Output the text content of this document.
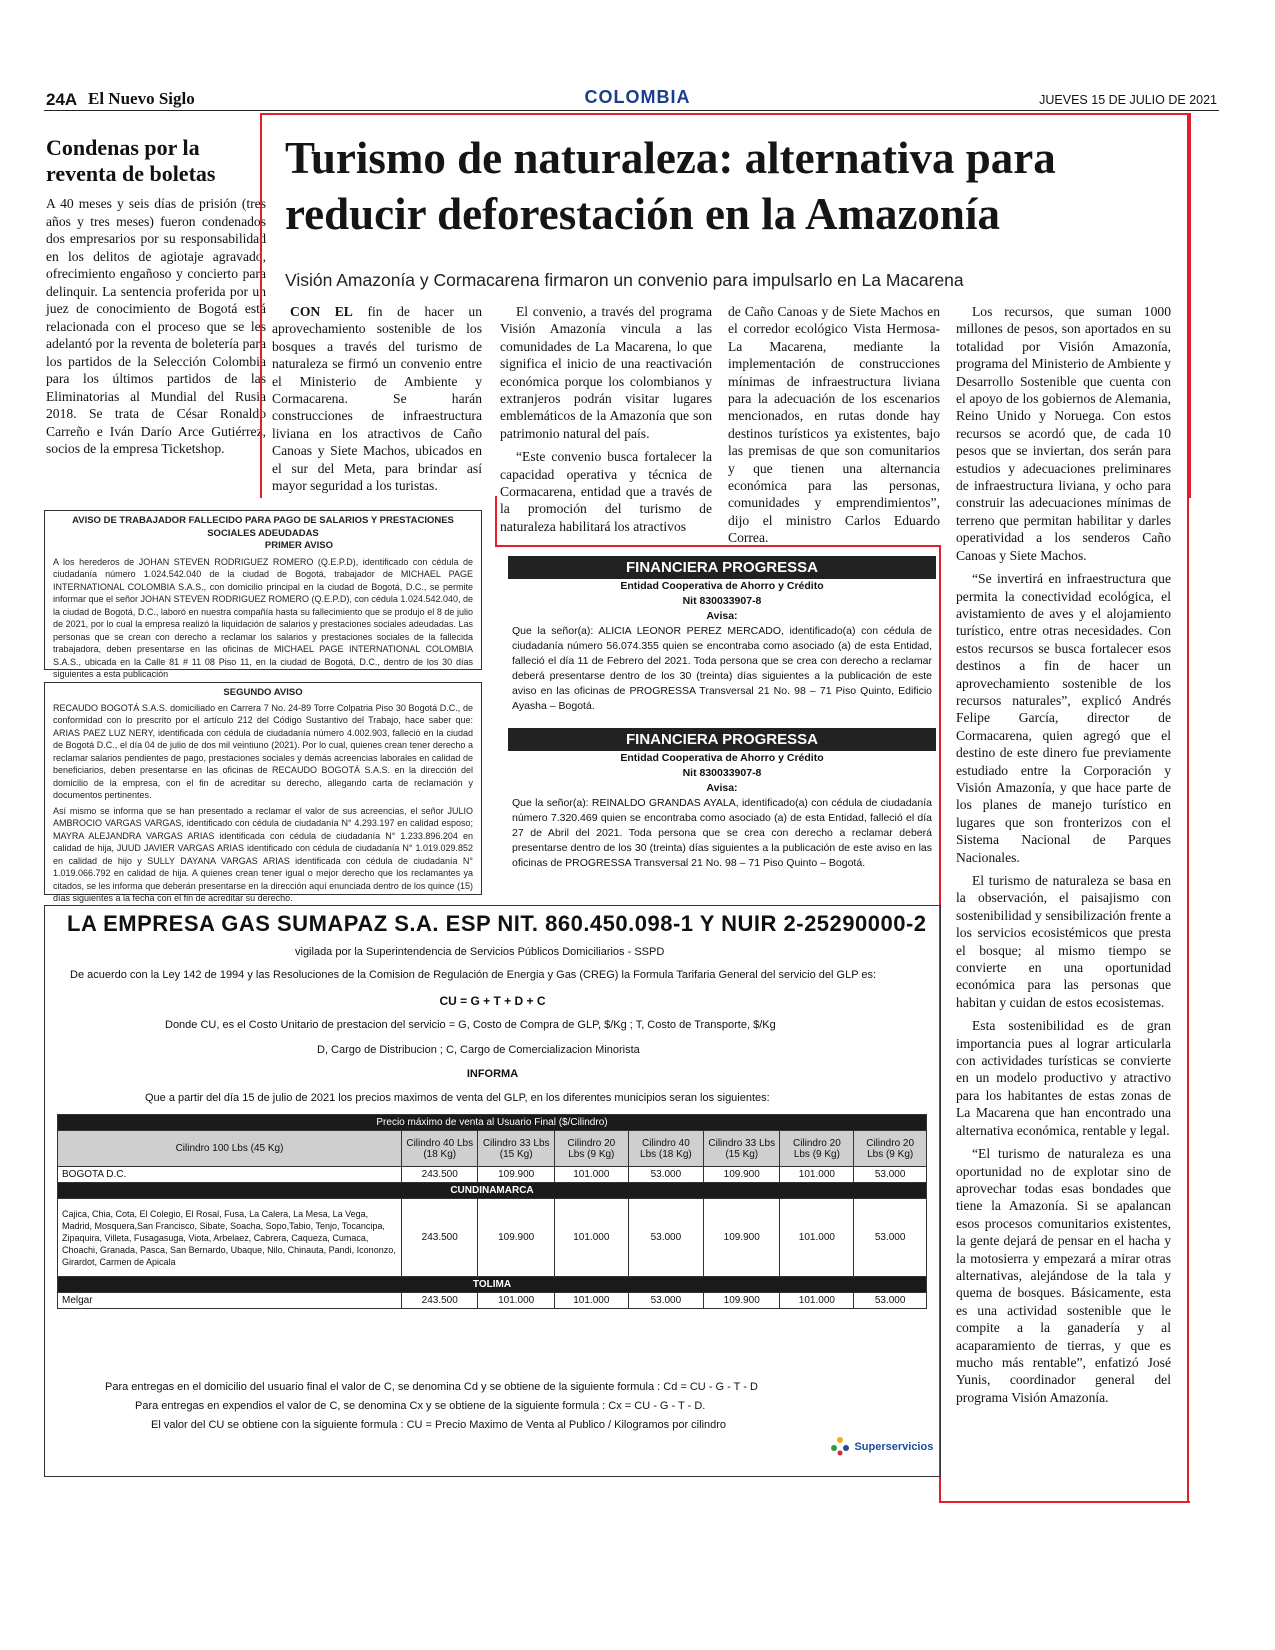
24A El Nuevo Siglo	COLOMBIA	JUEVES 15 DE JULIO DE 2021
Condenas por la reventa de boletas
A 40 meses y seis días de prisión (tres años y tres meses) fueron condenados dos empresarios por su responsabilidad en los delitos de agiotaje agravado, ofrecimiento engañoso y concierto para delinquir. La sentencia proferida por un juez de conocimiento de Bogotá está relacionada con el proceso que se les adelantó por la reventa de boletería para los partidos de la Selección Colombia para los últimos partidos de las Eliminatorias al Mundial del Rusia 2018. Se trata de César Ronaldo Carreño e Iván Darío Arce Gutiérrez, socios de la empresa Ticketshop.
Turismo de naturaleza: alternativa para reducir deforestación en la Amazonía
Visión Amazonía y Cormacarena firmaron un convenio para impulsarlo en La Macarena

CON EL fin de hacer un aprovechamiento sostenible de los bosques a través del turismo de naturaleza se firmó un convenio entre el Ministerio de Ambiente y Cormacarena. Se harán construcciones de infraestructura liviana en los atractivos de Caño Canoas y Siete Machos, ubicados en el sur del Meta, para brindar así mayor seguridad a los turistas.

El convenio, a través del programa Visión Amazonía vincula a las comunidades de La Macarena, lo que significa el inicio de una reactivación económica porque los colombianos y extranjeros podrán visitar lugares emblemáticos de la Amazonía que son patrimonio natural del país.

“Este convenio busca fortalecer la capacidad operativa y técnica de Cormacarena, entidad que a través de la promoción del turismo de naturaleza habilitará los atractivos

de Caño Canoas y de Siete Machos en el corredor ecológico Vista Hermosa-La Macarena, mediante la implementación de construcciones mínimas de infraestructura liviana para la adecuación de los escenarios mencionados, en rutas donde hay destinos turísticos ya existentes, bajo las premisas de que son comunitarios y que tienen una alternancia económica para las personas, comunidades y emprendimientos”, dijo el ministro Carlos Eduardo Correa.

Los recursos, que suman 1000 millones de pesos, son aportados en su totalidad por Visión Amazonía, programa del Ministerio de Ambiente y Desarrollo Sostenible que cuenta con el apoyo de los gobiernos de Alemania, Reino Unido y Noruega. Con estos recursos se acordó que, de cada 10 pesos que se inviertan, dos serán para estudios y adecuaciones preliminares de infraestructura liviana, y ocho para construir las adecuaciones mínimas de terreno que permitan habilitar y darles operatividad a los senderos Caño Canoas y Siete Machos.

“Se invertirá en infraestructura que permita la conectividad ecológica, el avistamiento de aves y el alojamiento turístico, entre otras necesidades. Con estos recursos se busca fortalecer esos destinos a fin de hacer un aprovechamiento sostenible de los recursos naturales”, explicó Andrés Felipe García, director de Cormacarena, quien agregó que el destino de este dinero fue previamente estudiado entre la Corporación y Visión Amazonía, y que hace parte de los planes de manejo turístico en lugares que son fronterizos con el Sistema Nacional de Parques Nacionales.

El turismo de naturaleza se basa en la observación, el paisajismo con sostenibilidad y sensibilización frente a los servicios ecosistémicos que presta el bosque; al mismo tiempo se convierte en una oportunidad económica para las personas que habitan y cuidan de estos ecosistemas.

Esta sostenibilidad es de gran importancia pues al lograr articularla con actividades turísticas se convierte en un modelo productivo y atractivo para los habitantes de estas zonas de La Macarena que han encontrado una alternativa económica, rentable y legal.

“El turismo de naturaleza es una oportunidad no de explotar sino de aprovechar todas esas bondades que tiene la Amazonía. Si se apalancan esos procesos comunitarios existentes, la gente dejará de pensar en el hacha y la motosierra y empezará a mirar otras alternativas, alejándose de la tala y quema de bosques. Básicamente, esta es una actividad sostenible que le compite a la ganadería y al acaparamiento de tierras, y que es mucho más rentable”, enfatizó José Yunis, coordinador general del programa Visión Amazonía.

AVISO DE TRABAJADOR FALLECIDO PARA PAGO DE SALARIOS Y PRESTACIONES SOCIALES ADEUDADAS
PRIMER AVISO
A los herederos de JOHAN STEVEN RODRIGUEZ ROMERO (Q.E.P.D), identificado con cédula de ciudadanía número 1.024.542.040 de la ciudad de Bogotá, trabajador de MICHAEL PAGE INTERNATIONAL COLOMBIA S.A.S., con domicilio principal en la ciudad de Bogotá, D.C., se permite informar que el señor JOHAN STEVEN RODRIGUEZ ROMERO (Q.E.P.D), con cédula 1.024.542.040, de la ciudad de Bogotá, D.C., laboró en nuestra compañía hasta su fallecimiento que se produjo el 8 de julio de 2021, por lo cual la empresa realizó la liquidación de salarios y prestaciones sociales adeudadas. Las personas que se crean con derecho a reclamar los salarios y prestaciones sociales de la fallecida trabajadora, deben presentarse en las oficinas de MICHAEL PAGE INTERNATIONAL COLOMBIA S.A.S., ubicada en la Calle 81 # 11 08 Piso 11, en la ciudad de Bogotá, D.C., dentro de los 30 días siguientes a esta publicación
SEGUNDO AVISO
RECAUDO BOGOTÁ S.A.S. domiciliado en Carrera 7 No. 24-89 Torre Colpatria Piso 30 Bogotá D.C., de conformidad con lo prescrito por el artículo 212 del Código Sustantivo del Trabajo, hace saber que: ARIAS PAEZ LUZ NERY, identificada con cédula de ciudadanía número 4.002.903, falleció en la ciudad de Bogotá D.C., el día 04 de julio de dos mil veintiuno (2021). Por lo cual, quienes crean tener derecho a reclamar salarios pendientes de pago, prestaciones sociales y demás acreencias laborales en calidad de beneficiarios, deben presentarse en las oficinas de RECAUDO BOGOTÁ S.A.S. en la dirección del domicilio de la empresa, con el fin de acreditar su derecho, allegando carta de reclamación y documentos pertinentes.
Así mismo se informa que se han presentado a reclamar el valor de sus acreencias, el señor JULIO AMBROCIO VARGAS VARGAS, identificado con cédula de ciudadanía N° 4.293.197 en calidad esposo; MAYRA ALEJANDRA VARGAS ARIAS identificada con cédula de ciudadanía N° 1.233.896.204 en calidad de hija, JUUD JAVIER VARGAS ARIAS identificado con cédula de ciudadanía N° 1.019.029.852 en calidad de hijo y SULLY DAYANA VARGAS ARIAS identificada con cédula de ciudadanía N° 1.019.066.792 en calidad de hija. A quienes crean tener igual o mejor derecho que los reclamantes ya citados, se les informa que deberán presentarse en la dirección aquí enunciada dentro de los quince (15) días siguientes a la fecha con el fin de acreditar su derecho.
FINANCIERA PROGRESSA
Entidad Cooperativa de Ahorro y Crédito
Nit 830033907-8
Avisa:
Que la señor(a): ALICIA LEONOR PEREZ MERCADO, identificado(a) con cédula de ciudadanía número 56.074.355 quien se encontraba como asociado (a) de esta Entidad, falleció el día 11 de Febrero del 2021. Toda persona que se crea con derecho a reclamar deberá presentarse dentro de los 30 (treinta) días siguientes a la publicación de este aviso en las oficinas de PROGRESSA Transversal 21 No. 98 – 71 Piso Quinto, Edificio Ayasha – Bogotá.
FINANCIERA PROGRESSA
Entidad Cooperativa de Ahorro y Crédito
Nit 830033907-8
Avisa:
Que la señor(a): REINALDO GRANDAS AYALA, identificado(a) con cédula de ciudadanía número 7.320.469 quien se encontraba como asociado (a) de esta Entidad, falleció el día 27 de Abril del 2021. Toda persona que se crea con derecho a reclamar deberá presentarse dentro de los 30 (treinta) días siguientes a la publicación de este aviso en las oficinas de PROGRESSA Transversal 21 No. 98 – 71 Piso Quinto – Bogotá.
LA EMPRESA GAS SUMAPAZ S.A. ESP NIT. 860.450.098-1 Y NUIR 2-25290000-2
vigilada por la Superintendencia de Servicios Públicos Domiciliarios - SSPD
De acuerdo con la Ley 142 de 1994 y las Resoluciones de la Comision de Regulación de Energia y Gas (CREG) la Formula Tarifaria General del servicio del GLP es:
CU = G + T + D + C
Donde CU, es el Costo Unitario de prestacion del servicio = G, Costo de Compra de GLP, $/Kg ; T, Costo de Transporte, $/Kg
D, Cargo de Distribucion ; C, Cargo de Comercializacion Minorista
INFORMA
Que a partir del día 15 de julio de 2021 los precios maximos de venta del GLP, en los diferentes municipios seran los siguientes:
Precio máximo de venta al Usuario Final ($/Cilindro)							
Cilindro 100 Lbs (45 Kg)	Cilindro 40 Lbs (18 Kg)	Cilindro 33 Lbs (15 Kg)	Cilindro 20 Lbs (9 Kg)	Cilindro 40 Lbs (18 Kg)	Cilindro 33 Lbs (15 Kg)	Cilindro 20 Lbs (9 Kg)	Cilindro 20 Lbs (9 Kg)
BOGOTA D.C.	243.500	109.900	101.000	53.000	109.900	101.000	53.000
CUNDINAMARCA							
Cajica, Chia, Cota, El Colegio, El Rosal, Fusa, La Calera, La Mesa, La Vega, Madrid, Mosquera,San Francisco, Sibate, Soacha, Sopo,Tabio, Tenjo, Tocancipa, Zipaquira, Villeta, Fusagasuga, Viota, Arbelaez, Cabrera, Caqueza, Cumaca, Choachi, Granada, Pasca, San Bernardo, Ubaque, Nilo, Chinauta, Pandi, Icononzo, Girardot, Carmen de Apicala	243.500	109.900	101.000	53.000	109.900	101.000	53.000
TOLIMA							
Melgar	243.500	101.000	101.000	53.000	109.900	101.000	53.000
Para entregas en el domicilio del usuario final el valor de C, se denomina Cd y se obtiene de la siguiente formula : Cd = CU - G - T - D
Para entregas en expendios el valor de C, se denomina Cx y se obtiene de la siguiente formula : Cx = CU - G - T - D.
El valor del CU se obtiene con la siguiente formula : CU = Precio Maximo de Venta al Publico / Kilogramos por cilindro
Superservicios
